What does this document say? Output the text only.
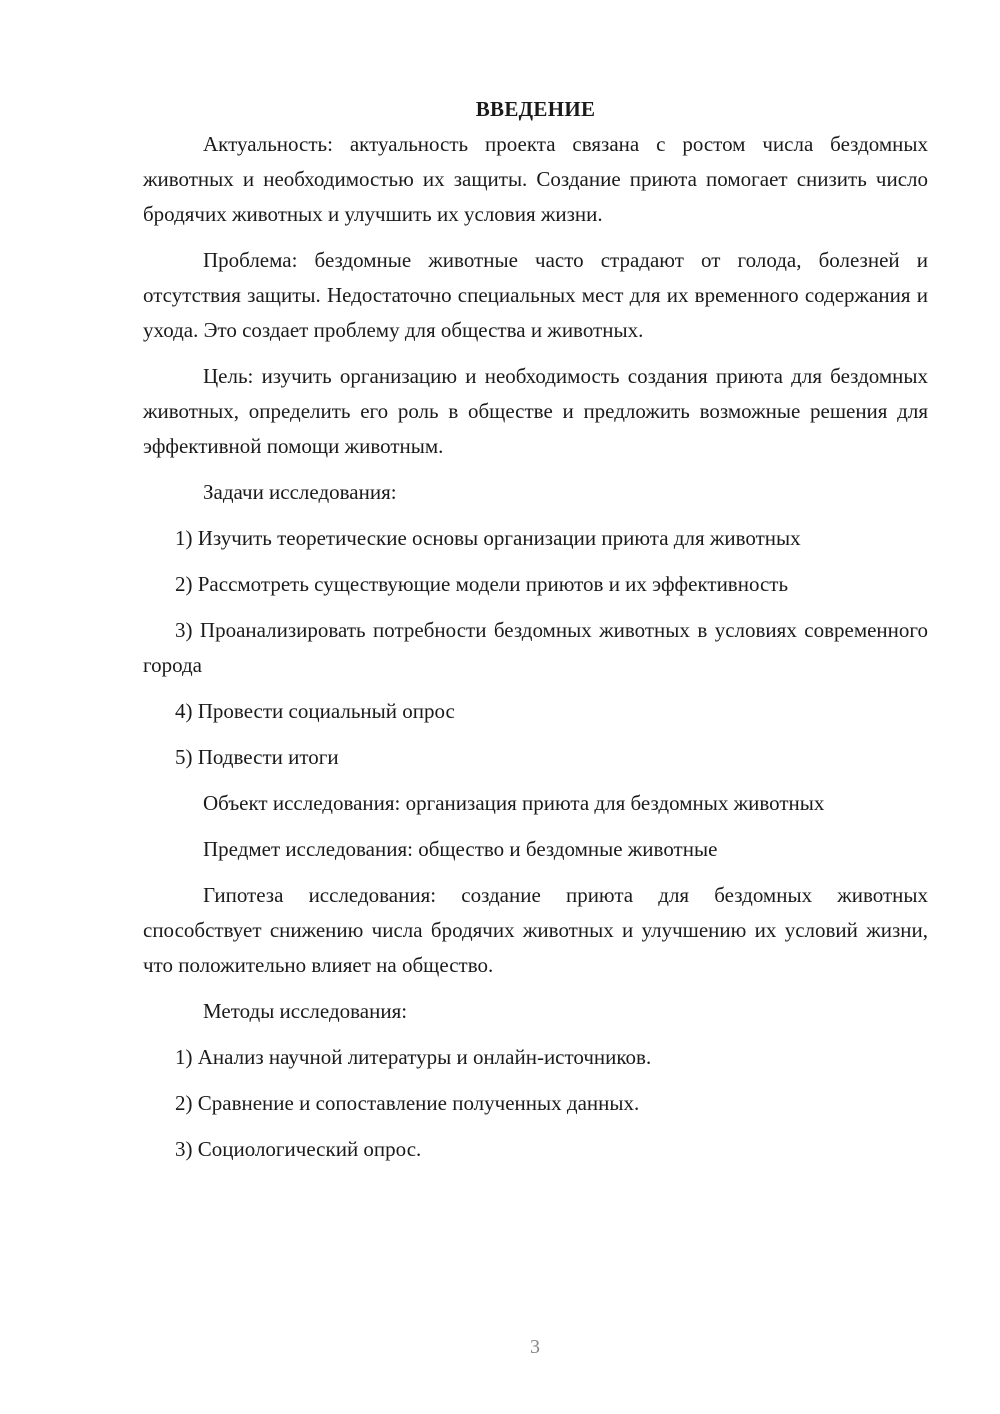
ВВЕДЕНИЕ

Актуальность: актуальность проекта связана с ростом числа бездомных животных и необходимостью их защиты. Создание приюта помогает снизить число бродячих животных и улучшить их условия жизни.

Проблема: бездомные животные часто страдают от голода, болезней и отсутствия защиты. Недостаточно специальных мест для их временного содержания и ухода. Это создает проблему для общества и животных.

Цель: изучить организацию и необходимость создания приюта для бездомных животных, определить его роль в обществе и предложить возможные решения для эффективной помощи животным.

Задачи исследования:

1) Изучить теоретические основы организации приюта для животных

2) Рассмотреть существующие модели приютов и их эффективность

3) Проанализировать потребности бездомных животных в условиях современного города

4) Провести социальный опрос

5) Подвести итоги

Объект исследования: организация приюта для бездомных животных

Предмет исследования: общество и бездомные животные

Гипотеза исследования: создание приюта для бездомных животных способствует снижению числа бродячих животных и улучшению их условий жизни, что положительно влияет на общество.

Методы исследования:

1) Анализ научной литературы и онлайн-источников.

2) Сравнение и сопоставление полученных данных.

3) Социологический опрос.

3
